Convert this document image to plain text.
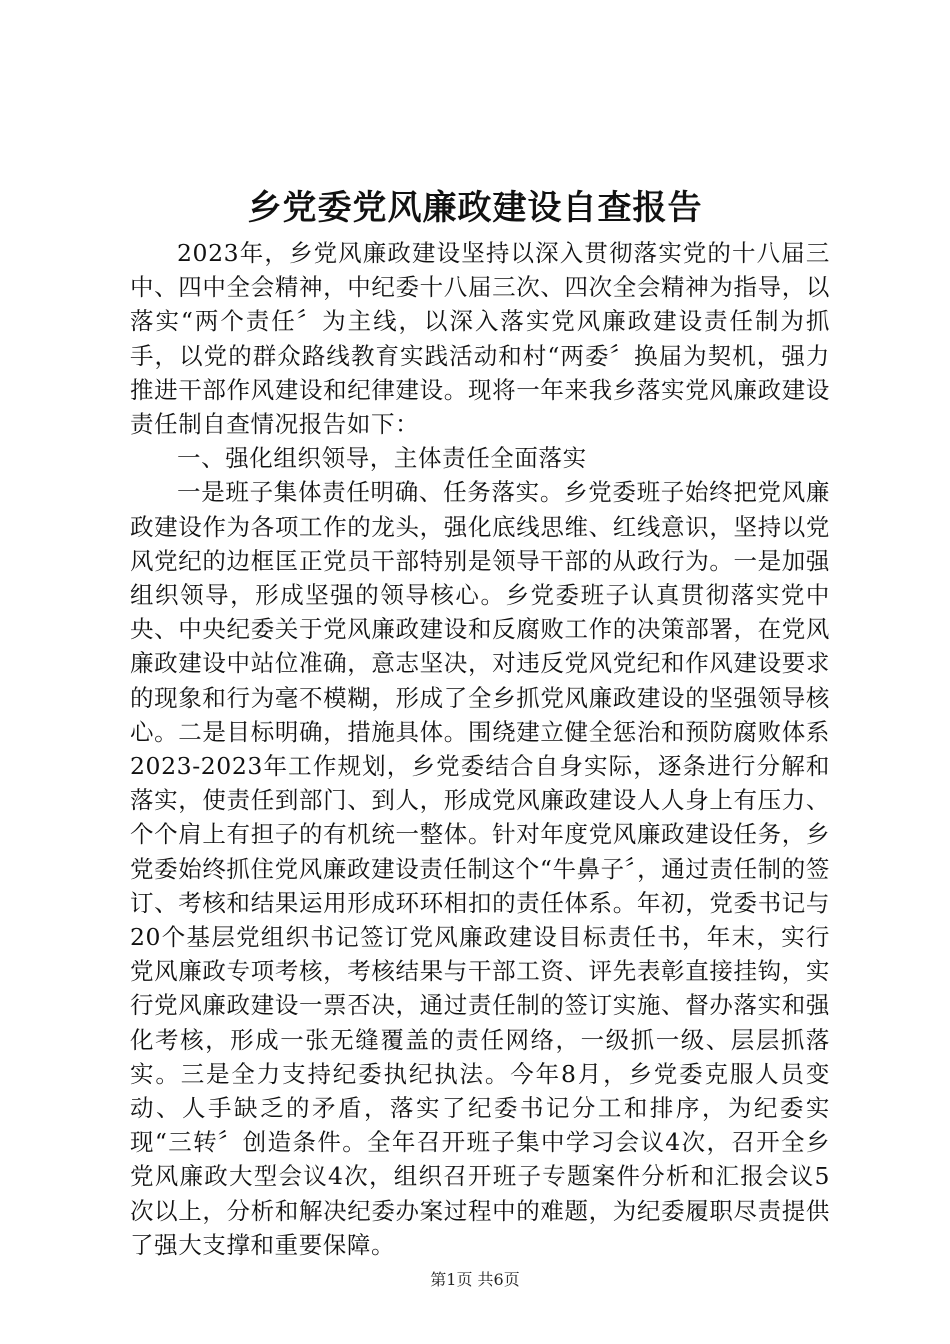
乡党委党风廉政建设自查报告

2023年，乡党风廉政建设坚持以深入贯彻落实党的十八届三中、四中全会精神，中纪委十八届三次、四次全会精神为指导，以落实“两个责任〞为主线，以深入落实党风廉政建设责任制为抓手，以党的群众路线教育实践活动和村“两委〞换届为契机，强力推进干部作风建设和纪律建设。现将一年来我乡落实党风廉政建设责任制自查情况报告如下：

一、强化组织领导，主体责任全面落实

一是班子集体责任明确、任务落实。乡党委班子始终把党风廉政建设作为各项工作的龙头，强化底线思维、红线意识，坚持以党风党纪的边框匡正党员干部特别是领导干部的从政行为。一是加强组织领导，形成坚强的领导核心。乡党委班子认真贯彻落实党中央、中央纪委关于党风廉政建设和反腐败工作的决策部署，在党风廉政建设中站位准确，意志坚决，对违反党风党纪和作风建设要求的现象和行为毫不模糊，形成了全乡抓党风廉政建设的坚强领导核心。二是目标明确，措施具体。围绕建立健全惩治和预防腐败体系2023-2023年工作规划，乡党委结合自身实际，逐条进行分解和落实，使责任到部门、到人，形成党风廉政建设人人身上有压力、个个肩上有担子的有机统一整体。针对年度党风廉政建设任务，乡党委始终抓住党风廉政建设责任制这个“牛鼻子〞，通过责任制的签订、考核和结果运用形成环环相扣的责任体系。年初，党委书记与20个基层党组织书记签订党风廉政建设目标责任书，年末，实行党风廉政专项考核，考核结果与干部工资、评先表彰直接挂钩，实行党风廉政建设一票否决，通过责任制的签订实施、督办落实和强化考核，形成一张无缝覆盖的责任网络，一级抓一级、层层抓落实。三是全力支持纪委执纪执法。今年8月，乡党委克服人员变动、人手缺乏的矛盾，落实了纪委书记分工和排序，为纪委实现“三转〞创造条件。全年召开班子集中学习会议4次，召开全乡党风廉政大型会议4次，组织召开班子专题案件分析和汇报会议5次以上，分析和解决纪委办案过程中的难题，为纪委履职尽责提供了强大支撑和重要保障。

第1页 共6页
